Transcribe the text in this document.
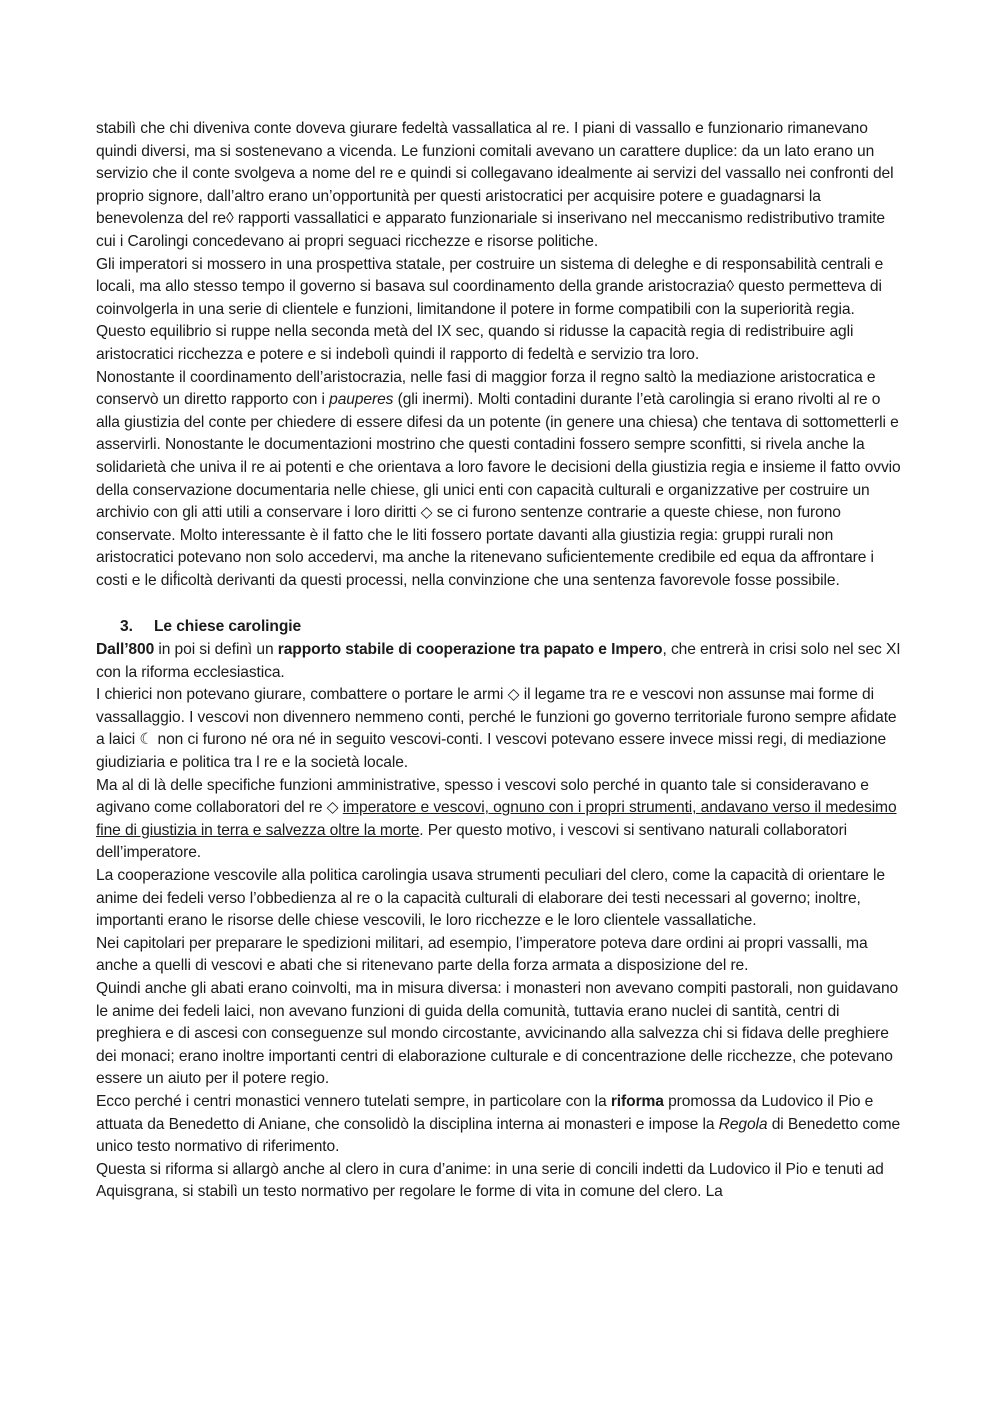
stabilì che chi diveniva conte doveva giurare fedeltà vassallatica al re. I piani di vassallo e funzionario rimanevano quindi diversi, ma si sostenevano a vicenda. Le funzioni comitali avevano un carattere duplice: da un lato erano un servizio che il conte svolgeva a nome del re e quindi si collegavano idealmente ai servizi del vassallo nei confronti del proprio signore, dall’altro erano un’opportunità per questi aristocratici per acquisire potere e guadagnarsi la benevolenza del re◊ rapporti vassallatici e apparato funzionariale si inserivano nel meccanismo redistributivo tramite cui i Carolingi concedevano ai propri seguaci ricchezze e risorse politiche.

Gli imperatori si mossero in una prospettiva statale, per costruire un sistema di deleghe e di responsabilità centrali e locali, ma allo stesso tempo il governo si basava sul coordinamento della grande aristocrazia◊ questo permetteva di coinvolgerla in una serie di clientele e funzioni, limitandone il potere in forme compatibili con la superiorità regia. Questo equilibrio si ruppe nella seconda metà del IX sec, quando si ridusse la capacità regia di redistribuire agli aristocratici ricchezza e potere e si indebolì quindi il rapporto di fedeltà e servizio tra loro.

Nonostante il coordinamento dell’aristocrazia, nelle fasi di maggior forza il regno saltò la mediazione aristocratica e conservò un diretto rapporto con i pauperes (gli inermi). Molti contadini durante l’età carolingia si erano rivolti al re o alla giustizia del conte per chiedere di essere difesi da un potente (in genere una chiesa) che tentava di sottometterli e asservirli. Nonostante le documentazioni mostrino che questi contadini fossero sempre sconfitti, si rivela anche la solidarietà che univa il re ai potenti e che orientava a loro favore le decisioni della giustizia regia e insieme il fatto ovvio della conservazione documentaria nelle chiese, gli unici enti con capacità culturali e organizzative per costruire un archivio con gli atti utili a conservare i loro diritti ◇ se ci furono sentenze contrarie a queste chiese, non furono conservate. Molto interessante è il fatto che le liti fossero portate davanti alla giustizia regia: gruppi rurali non aristocratici potevano non solo accedervi, ma anche la ritenevano suf́icientemente credibile ed equa da affrontare i costi e le dif́icoltà derivanti da questi processi, nella convinzione che una sentenza favorevole fosse possibile.

3. Le chiese carolingie

Dall’800 in poi si definì un rapporto stabile di cooperazione tra papato e Impero, che entrerà in crisi solo nel sec XI con la riforma ecclesiastica.

I chierici non potevano giurare, combattere o portare le armi ◇ il legame tra re e vescovi non assunse mai forme di vassallaggio. I vescovi non divennero nemmeno conti, perché le funzioni go governo territoriale furono sempre af́idate a laici ☾ non ci furono né ora né in seguito vescovi-conti. I vescovi potevano essere invece missi regi, di mediazione giudiziaria e politica tra l re e la società locale.

Ma al di là delle specifiche funzioni amministrative, spesso i vescovi solo perché in quanto tale si consideravano e agivano come collaboratori del re ◇ imperatore e vescovi, ognuno con i propri strumenti, andavano verso il medesimo fine di giustizia in terra e salvezza oltre la morte. Per questo motivo, i vescovi si sentivano naturali collaboratori dell’imperatore.

La cooperazione vescovile alla politica carolingia usava strumenti peculiari del clero, come la capacità di orientare le anime dei fedeli verso l’obbedienza al re o la capacità culturali di elaborare dei testi necessari al governo; inoltre, importanti erano le risorse delle chiese vescovili, le loro ricchezze e le loro clientele vassallatiche.

Nei capitolari per preparare le spedizioni militari, ad esempio, l’imperatore poteva dare ordini ai propri vassalli, ma anche a quelli di vescovi e abati che si ritenevano parte della forza armata a disposizione del re.

Quindi anche gli abati erano coinvolti, ma in misura diversa: i monasteri non avevano compiti pastorali, non guidavano le anime dei fedeli laici, non avevano funzioni di guida della comunità, tuttavia erano nuclei di santità, centri di preghiera e di ascesi con conseguenze sul mondo circostante, avvicinando alla salvezza chi si fidava delle preghiere dei monaci; erano inoltre importanti centri di elaborazione culturale e di concentrazione delle ricchezze, che potevano essere un aiuto per il potere regio.

Ecco perché i centri monastici vennero tutelati sempre, in particolare con la riforma promossa da Ludovico il Pio e attuata da Benedetto di Aniane, che consolidò la disciplina interna ai monasteri e impose la Regola di Benedetto come unico testo normativo di riferimento.

Questa si riforma si allargò anche al clero in cura d’anime: in una serie di concili indetti da Ludovico il Pio e tenuti ad Aquisgrana, si stabilì un testo normativo per regolare le forme di vita in comune del clero. La
